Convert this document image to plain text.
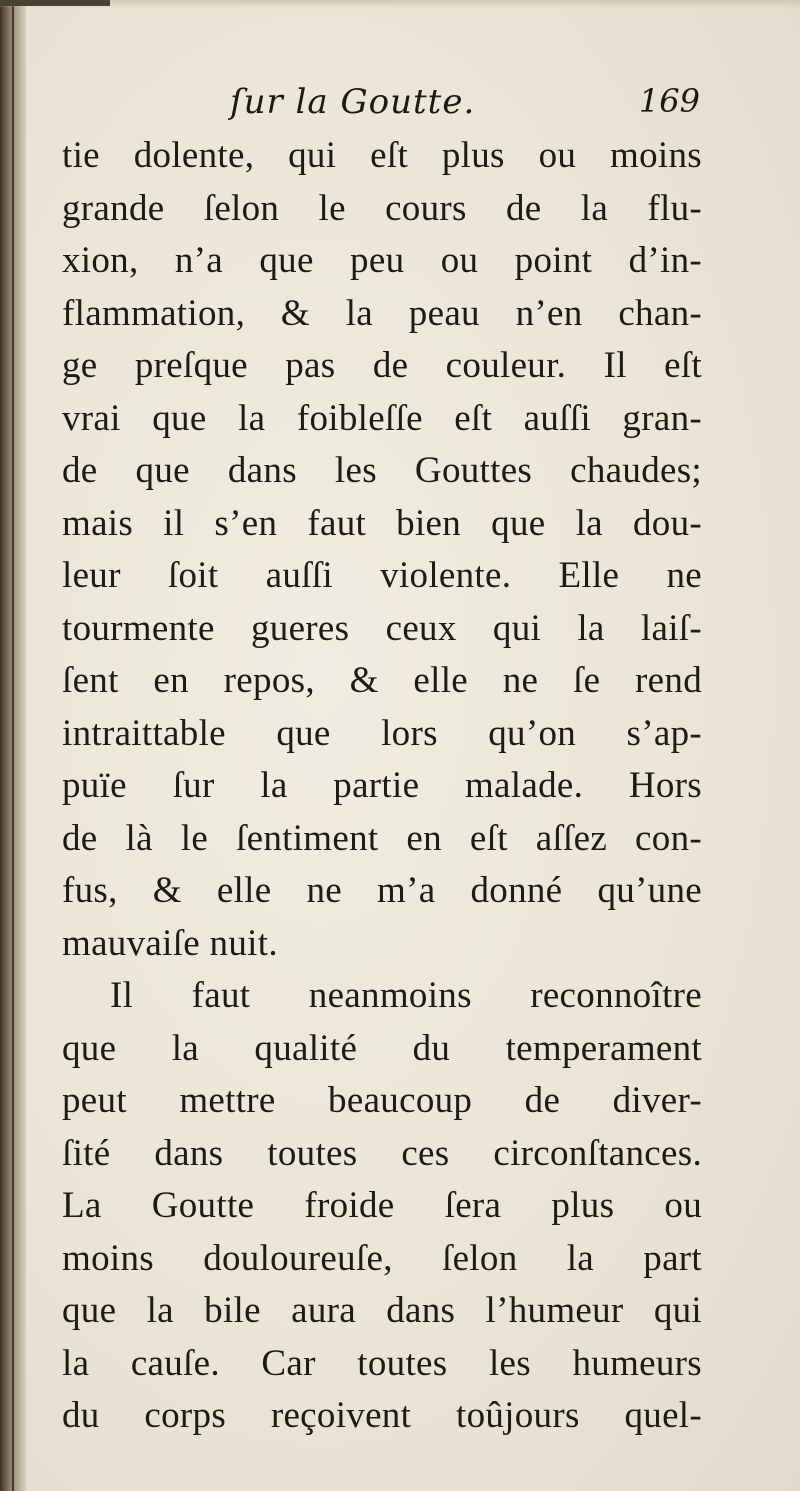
ſur la Goutte.	169
tie dolente, qui eſt plus ou moins
grande ſelon le cours de la flu-
xion, n’a que peu ou point d’in-
flammation, & la peau n’en chan-
ge preſque pas de couleur. Il eſt
vrai que la foibleſſe eſt auſſi gran-
de que dans les Gouttes chaudes;
mais il s’en faut bien que la dou-
leur ſoit auſſi violente. Elle ne
tourmente gueres ceux qui la laiſ-
ſent en repos, & elle ne ſe rend
intraittable que lors qu’on s’ap-
puïe ſur la partie malade. Hors
de là le ſentiment en eſt aſſez con-
fus, & elle ne m’a donné qu’une
mauvaiſe nuit.
Il faut neanmoins reconnoître
que la qualité du temperament
peut mettre beaucoup de diver-
ſité dans toutes ces circonſtances.
La Goutte froide ſera plus ou
moins douloureuſe, ſelon la part
que la bile aura dans l’humeur qui
la cauſe. Car toutes les humeurs
du corps reçoivent toûjours quel-
